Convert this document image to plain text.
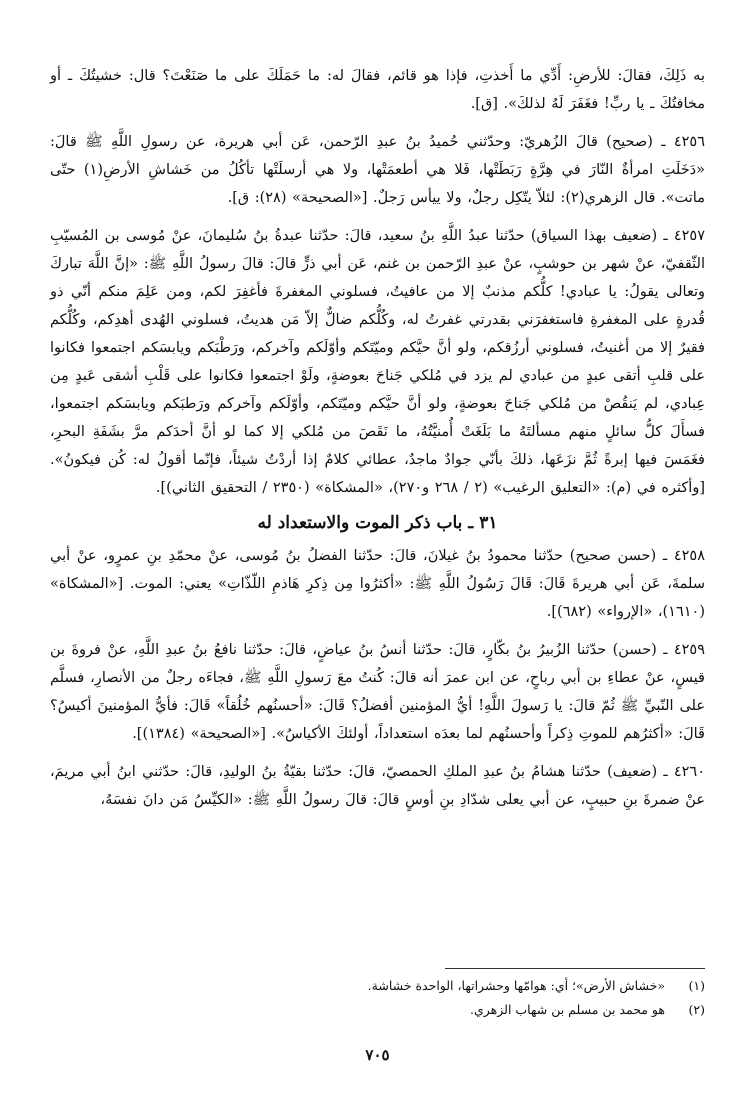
به ذَلِكَ، فقالَ: للأرضِ: أَدِّي ما أَخذتِ، فإذا هو قائم، فقالَ له: ما حَمَلَكَ على ما صَنَعْتَ؟ قال: خشيتُكَ ـ أو مخافتُكَ ـ يا ربِّ! فغَفَرَ لَهُ لذلكَ». [ق].

٤٢٥٦ ـ (صحيح) قالَ الزُهريّ: وحدّثني حُميدُ بنُ عبدِ الرّحمن، عَن أبي هريرة، عن رسولِ اللَّهِ ﷺ قالَ: «دَخَلَتِ امرأةٌ النّارَ في هِرَّةٍ رَبَطَتْها، فَلا هي أطعمَتْها، ولا هي أرسلَتْها تأكُلُ من خَشاشِ الأرضِ(١) حتّى ماتت». قال الزهري(٢): لئلاّ يتّكِل رجلٌ، ولا ييأس رَجلٌ. [«الصحيحة» (٢٨): ق].

٤٢٥٧ ـ (ضعيف بهذا السياق) حدّثنا عبدُ اللَّهِ بنُ سعيد، قالَ: حدّثنا عبدةُ بنُ سُليمانَ، عنْ مُوسى بن المُسيّبِ الثّقفيّ، عنْ شهر بن حوشبٍ، عنْ عبدِ الرّحمن بن غنم، عَن أبي ذرٍّ قالَ: قالَ رسولُ اللَّهِ ﷺ: «إنَّ اللَّهَ تباركَ وتعالى يقولُ: يا عبادي! كلُّكم مذنبٌ إلا من عافيتُ، فسلوني المغفرةَ فأغفِرَ لكم، ومن عَلِمَ منكم أنّي ذو قُدرةٍ على المغفرةِ فاستغفرَني بقدرتي غفرتُ له، وكُلُّكم ضالٌّ إلاّ مَن هديتُ، فسلوني الهُدى أهدِكم، وكُلُّكم فقيرٌ إلا من أغنيتُ، فسلوني أرزُقكم، ولو أنَّ حيَّكم وميّتَكم وأوّلَكم وآخركم، ورَطْبَكم ويابسَكم اجتمعوا فكانوا على قلبِ أتقى عبدٍ من عبادي لم يزد في مُلكي جَناحَ بعوضةٍ، ولَوْ اجتمعوا فكانوا على قَلْبِ أشقى عَبدٍ مِن عِبادي، لم يَنقُصْ من مُلكي جَناحَ بعوضةٍ، ولو أنَّ حيَّكم وميّتَكم، وأوّلَكم وآخركم ورَطبَكم ويابسَكم اجتمعوا، فسأَلَ كلُّ سائلٍ منهم مسألتَهُ ما بَلَغَتْ أُمنيَّتُهُ، ما نَقَصَ من مُلكي إلا كما لو أنَّ أحدَكم مرَّ بشَفَةِ البحرِ، فغَمَسَ فيها إبرةً ثُمَّ نزَعَها، ذلكَ بأنّي جوادٌ ماجدٌ، عطائي كلامٌ إذا أردْتُ شيئاً، فإنّما أقولُ له: كُن فيكونُ». [وأكثره في (م): «التعليق الرغيب» (٢ / ٢٦٨ و٢٧٠)، «المشكاة» (٢٣٥٠ / التحقيق الثاني)].

٣١ ـ باب ذكر الموت والاستعداد له

٤٢٥٨ ـ (حسن صحيح) حدّثنا محمودُ بنُ غيلانَ، قالَ: حدّثنا الفضلُ بنُ مُوسى، عنْ محمّدِ بنِ عمرٍو، عنْ أبي سلمةَ، عَن أبي هريرةَ قَالَ: قَالَ رَسُولُ اللَّهِ ﷺ: «أكثرُوا مِن ذِكرِ هَاذمِ اللّذّاتِ» يعني: الموت. [«المشكاة» (١٦١٠)، «الإرواء» (٦٨٢)].

٤٢٥٩ ـ (حسن) حدّثنا الزُبيرُ بنُ بكّارٍ، قالَ: حدّثنا أنسُ بنُ عياضٍ، قالَ: حدّثنا نافعُ بنُ عبدِ اللَّهِ، عنْ فروةَ بن قيسٍ، عنْ عطاءِ بن أبي رباحٍ، عن ابن عمرَ أنه قالَ: كُنتُ معَ رَسولِ اللَّهِ ﷺ، فجاءَه رجلٌ من الأنصارِ، فسلَّم على النّبيِّ ﷺ ثُمّ قالَ: يا رَسولَ اللَّهِ! أيُّ المؤمنين أفضلُ؟ قَالَ: «أحسنُهم خُلُقاً» قَالَ: فأيُّ المؤمنينَ أكيسُ؟ قَالَ: «أكثرُهم للموتِ ذِكراً وأحسنُهم لما بعدَه استعداداً، أولئكَ الأكياسُ». [«الصحيحة» (١٣٨٤)].

٤٢٦٠ ـ (ضعيف) حدّثنا هشامُ بنُ عبدِ الملكِ الحمصيّ، قالَ: حدّثنا بقيّةُ بنُ الوليدِ، قالَ: حدّثني ابنُ أبي مريمَ، عنْ ضمرةَ بنِ حبيبٍ، عن أبي يعلى شدّادِ بنِ أوسٍ قالَ: قالَ رسولُ اللَّهِ ﷺ: «الكيِّسُ مَن دانَ نفسَهُ،

(١)
«خشاش الأرض»؛ أي: هوامّها وحشراتها، الواحدة خشاشة.
(٢)
هو محمد بن مسلم بن شهاب الزهري.
٧٠٥
